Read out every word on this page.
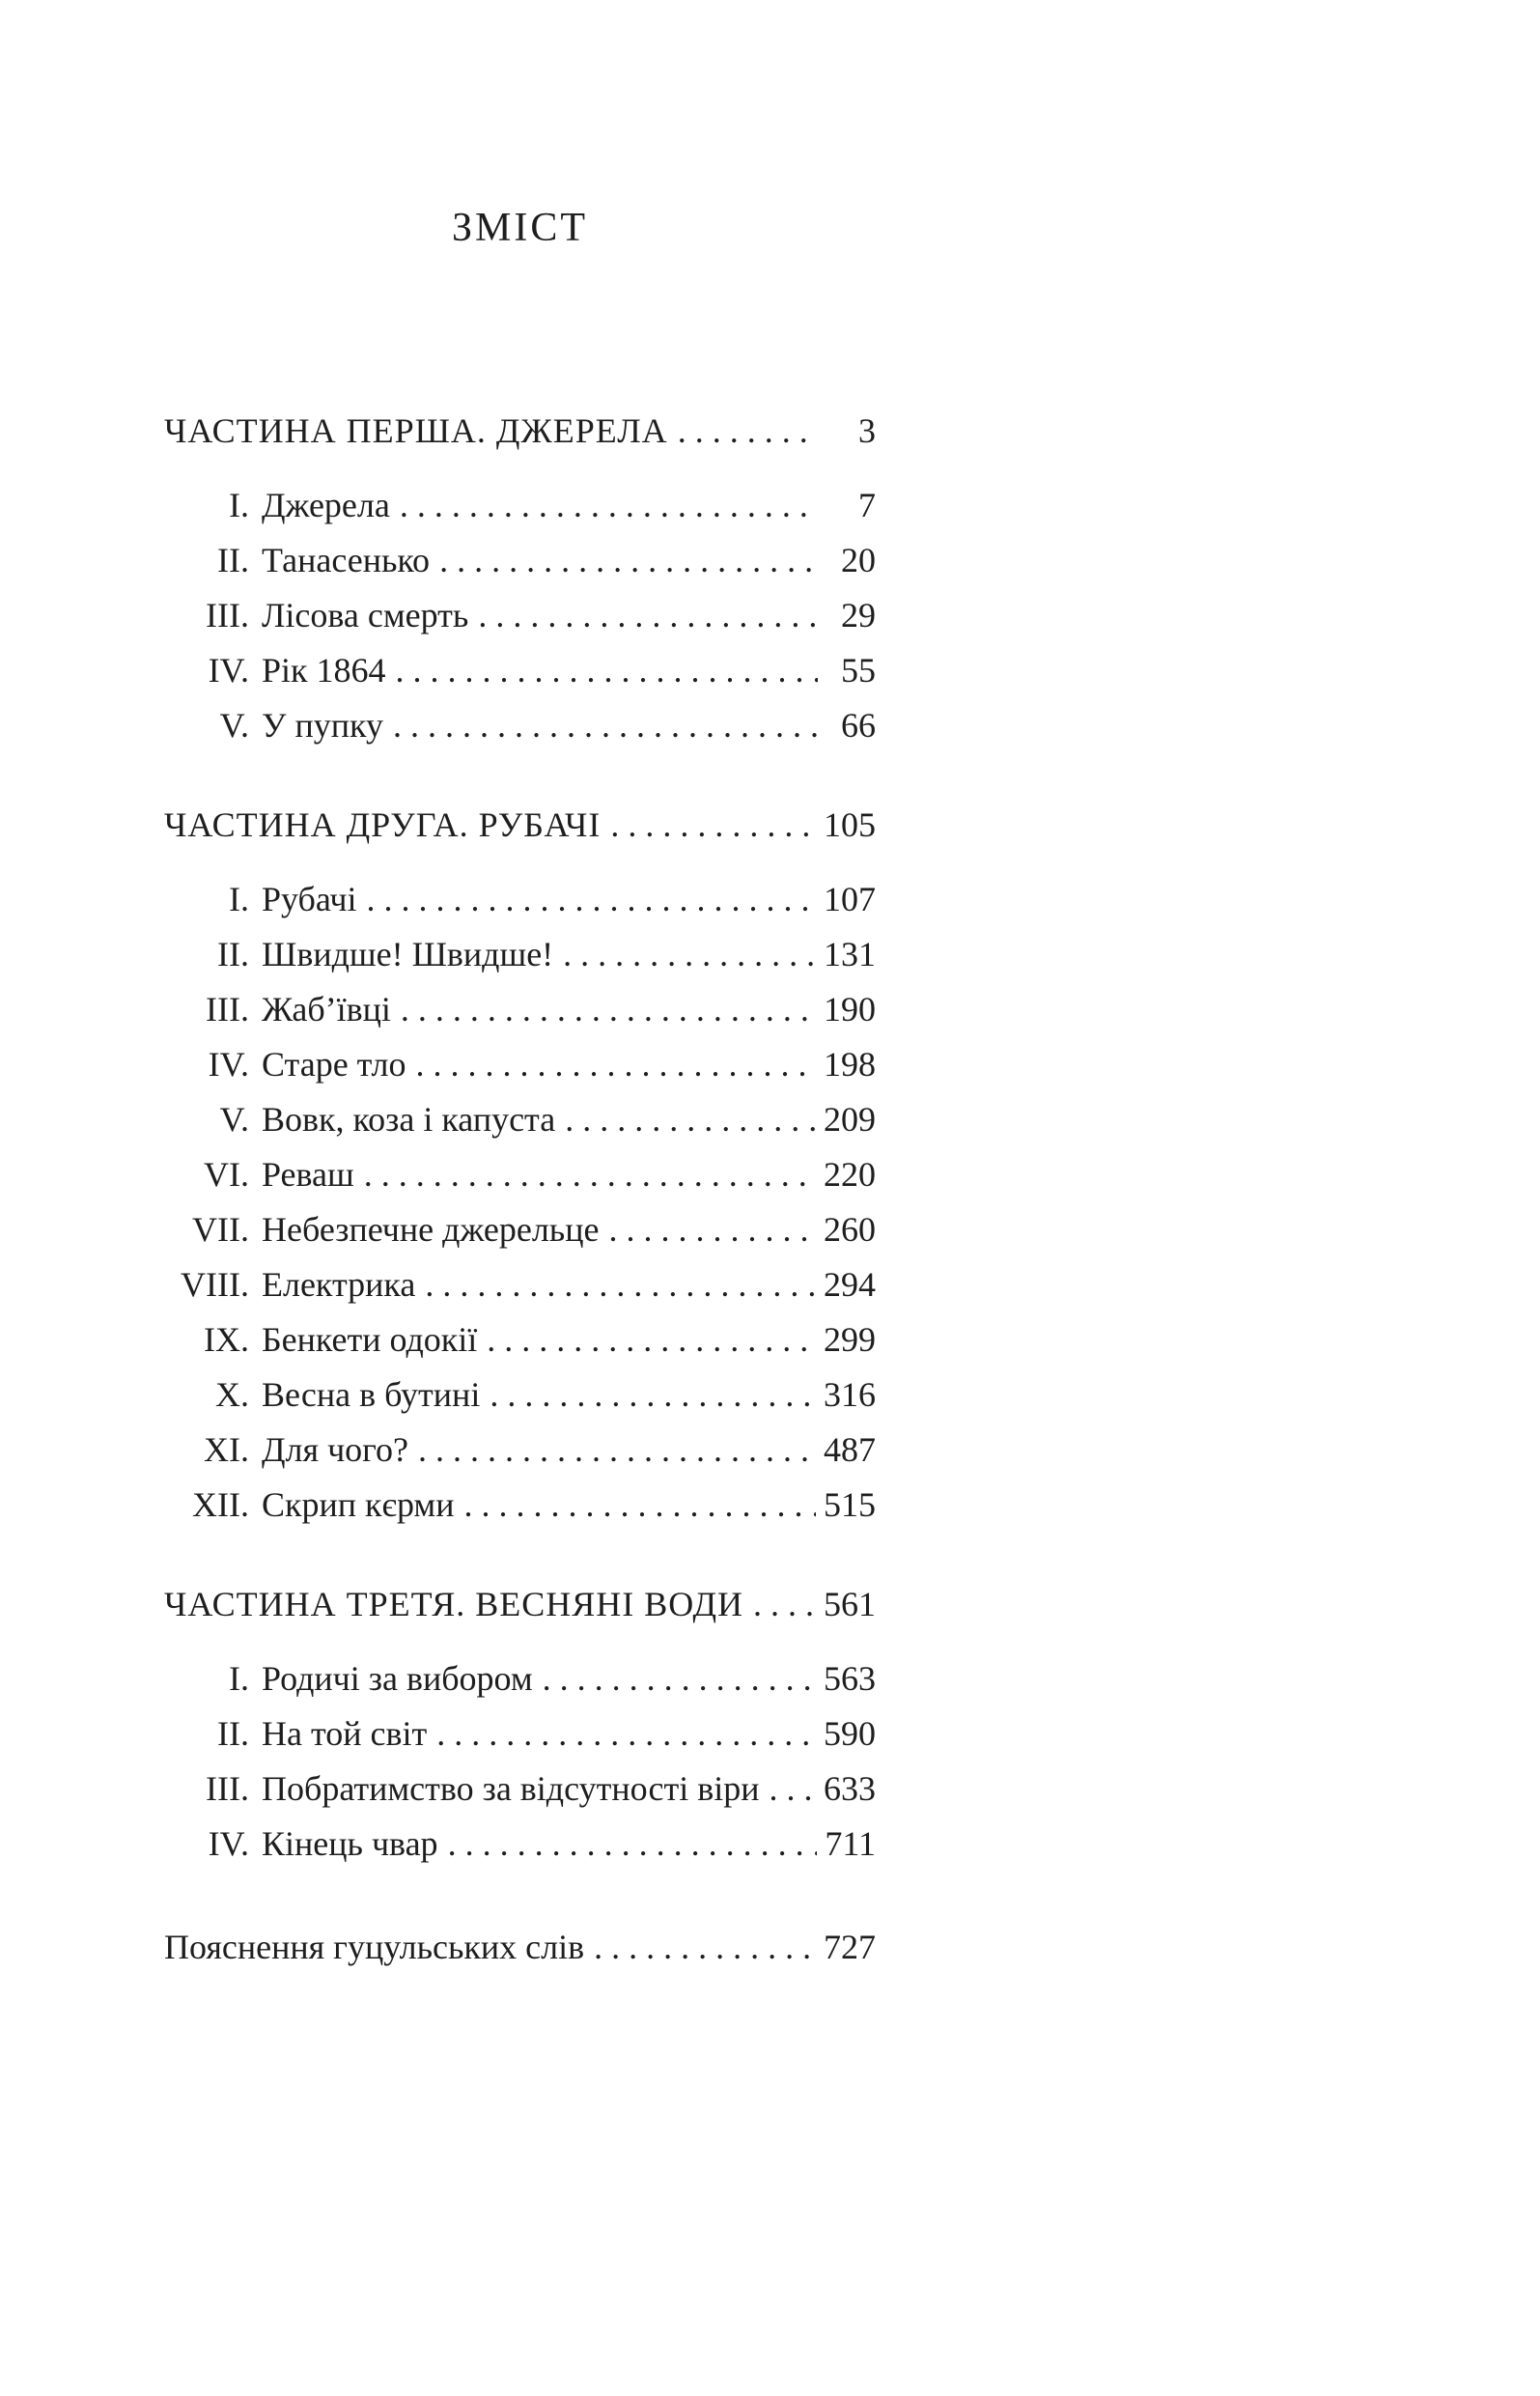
ЗМІСТ
ЧАСТИНА ПЕРША. ДЖЕРЕЛА .....	3
I. Джерела .....	7
II. Танасенько .....	20
III. Лісова смерть .....	29
IV. Рік 1864 .....	55
V. У пупку .....	66
ЧАСТИНА ДРУГА. РУБАЧІ .....	105
I. Рубачі .....	107
II. Швидше! Швидше! .....	131
III. Жаб’ївці .....	190
IV. Старе тло .....	198
V. Вовк, коза і капуста .....	209
VI. Реваш .....	220
VII. Небезпечне джерельце .....	260
VIII. Електрика .....	294
IX. Бенкети одокії .....	299
X. Весна в бутині .....	316
XI. Для чого? .....	487
XII. Скрип кєрми .....	515
ЧАСТИНА ТРЕТЯ. ВЕСНЯНІ ВОДИ ..... 561
I. Родичі за вибором .....	563
II. На той світ .....	590
III. Побратимство за відсутності віри ..... 633
IV. Кінець чвар .....	711
Пояснення гуцульських слів .....	727
